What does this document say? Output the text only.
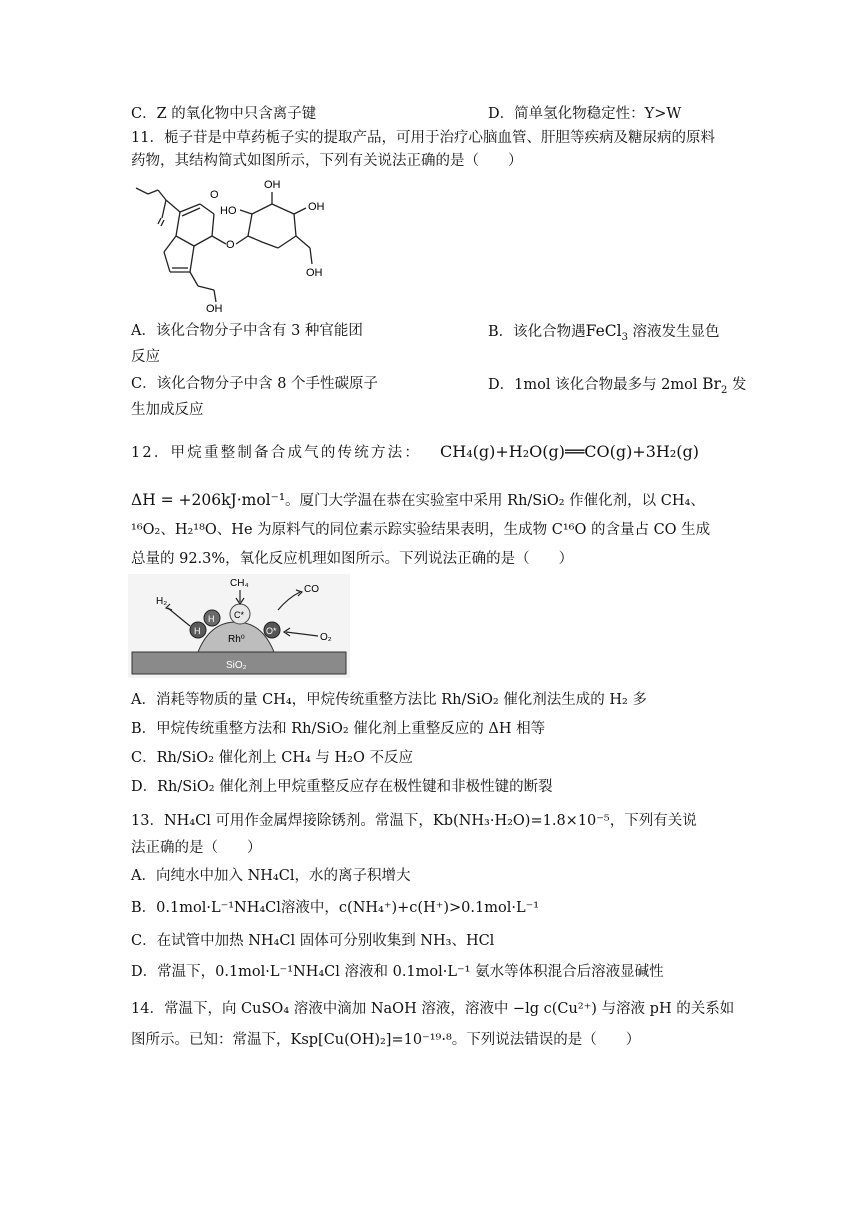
C．Z 的氧化物中只含离子键	D．简单氢化物稳定性：Y>W
11．栀子苷是中草药栀子实的提取产品，可用于治疗心脑血管、肝胆等疾病及糖尿病的原料
药物，其结构简式如图所示，下列有关说法正确的是（　　）
OH
OH
HO
O
OH
OH
O
A．该化合物分子中含有 3 种官能团	B．该化合物遇FeCl$_3$ 溶液发生显色
反应
C．该化合物分子中含 8 个手性碳原子	D．1mol 该化合物最多与 2mol $Br_2$ 发
生加成反应
12．甲烷重整制备合成气的传统方法： CH₄(g)+H₂O(g)══CO(g)+3H₂(g)
ΔH = +206kJ·mol⁻¹。厦门大学温在恭在实验室中采用 Rh/SiO₂ 作催化剂，以 CH₄、
¹⁶O₂、H₂¹⁸O、He 为原料气的同位素示踪实验结果表明，生成物 C¹⁶O 的含量占 CO 生成
总量的 92.3%，氧化反应机理如图所示。下列说法正确的是（　　）
CH₄
CO
H₂
O₂
H
H C*
O*
Rh⁰
SiO₂
A．消耗等物质的量 CH₄，甲烷传统重整方法比 Rh/SiO₂ 催化剂法生成的 H₂ 多
B．甲烷传统重整方法和 Rh/SiO₂ 催化剂上重整反应的 ΔH 相等
C．Rh/SiO₂ 催化剂上 CH₄ 与 H₂O 不反应
D．Rh/SiO₂ 催化剂上甲烷重整反应存在极性键和非极性键的断裂
13．NH₄Cl 可用作金属焊接除锈剂。常温下，Kb(NH₃·H₂O)=1.8×10⁻⁵，下列有关说
法正确的是（　　）
A．向纯水中加入 NH₄Cl，水的离子积增大
B．0.1mol·L⁻¹NH₄Cl溶液中，c(NH₄⁺)+c(H⁺)>0.1mol·L⁻¹
C．在试管中加热 NH₄Cl 固体可分别收集到 NH₃、HCl
D．常温下，0.1mol·L⁻¹NH₄Cl 溶液和 0.1mol·L⁻¹ 氨水等体积混合后溶液显碱性
14．常温下，向 CuSO₄ 溶液中滴加 NaOH 溶液，溶液中 −lg c(Cu²⁺) 与溶液 pH 的关系如
图所示。已知：常温下，Ksp[Cu(OH)₂]=10⁻¹⁹·⁸。下列说法错误的是（　　）
